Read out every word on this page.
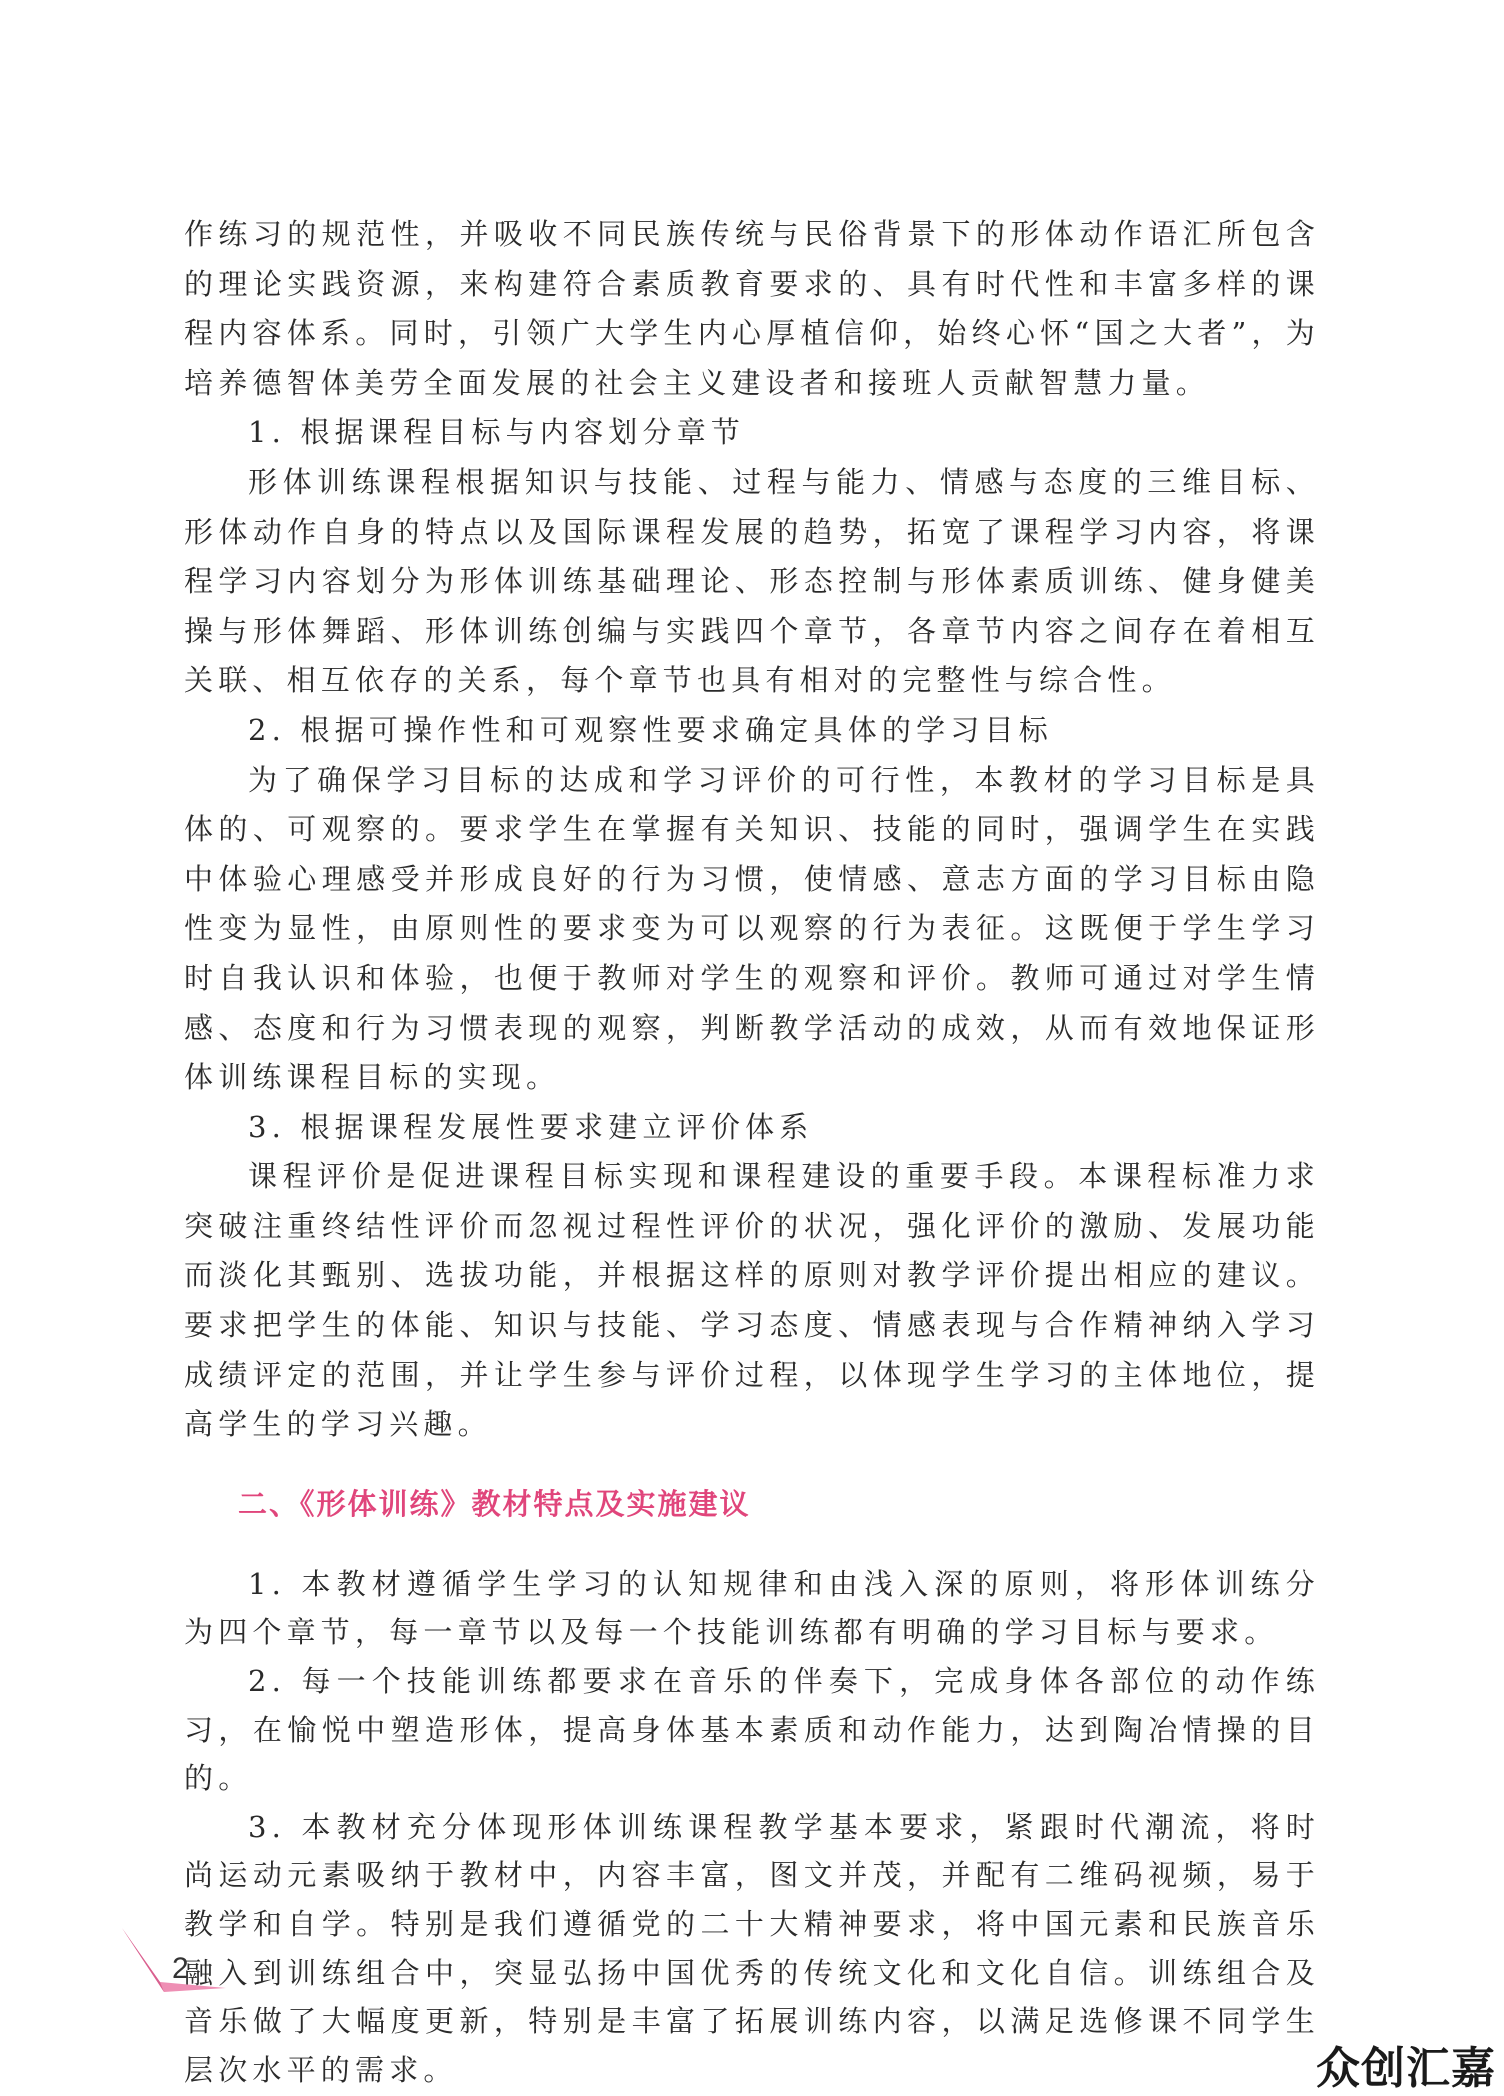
作练习的规范性，并吸收不同民族传统与民俗背景下的形体动作语汇所包含的理论实践资源，来构建符合素质教育要求的、具有时代性和丰富多样的课程内容体系。同时，引领广大学生内心厚植信仰，始终心怀“国之大者”，为培养德智体美劳全面发展的社会主义建设者和接班人贡献智慧力量。

1. 根据课程目标与内容划分章节

形体训练课程根据知识与技能、过程与能力、情感与态度的三维目标、形体动作自身的特点以及国际课程发展的趋势，拓宽了课程学习内容，将课程学习内容划分为形体训练基础理论、形态控制与形体素质训练、健身健美操与形体舞蹈、形体训练创编与实践四个章节，各章节内容之间存在着相互关联、相互依存的关系，每个章节也具有相对的完整性与综合性。

2. 根据可操作性和可观察性要求确定具体的学习目标

为了确保学习目标的达成和学习评价的可行性，本教材的学习目标是具体的、可观察的。要求学生在掌握有关知识、技能的同时，强调学生在实践中体验心理感受并形成良好的行为习惯，使情感、意志方面的学习目标由隐性变为显性，由原则性的要求变为可以观察的行为表征。这既便于学生学习时自我认识和体验，也便于教师对学生的观察和评价。教师可通过对学生情感、态度和行为习惯表现的观察，判断教学活动的成效，从而有效地保证形体训练课程目标的实现。

3. 根据课程发展性要求建立评价体系

课程评价是促进课程目标实现和课程建设的重要手段。本课程标准力求突破注重终结性评价而忽视过程性评价的状况，强化评价的激励、发展功能而淡化其甄别、选拔功能，并根据这样的原则对教学评价提出相应的建议。要求把学生的体能、知识与技能、学习态度、情感表现与合作精神纳入学习成绩评定的范围，并让学生参与评价过程，以体现学生学习的主体地位，提高学生的学习兴趣。

二、《形体训练》教材特点及实施建议

1. 本教材遵循学生学习的认知规律和由浅入深的原则，将形体训练分为四个章节，每一章节以及每一个技能训练都有明确的学习目标与要求。

2. 每一个技能训练都要求在音乐的伴奏下，完成身体各部位的动作练习，在愉悦中塑造形体，提高身体基本素质和动作能力，达到陶冶情操的目的。

3. 本教材充分体现形体训练课程教学基本要求，紧跟时代潮流，将时尚运动元素吸纳于教材中，内容丰富，图文并茂，并配有二维码视频，易于教学和自学。特别是我们遵循党的二十大精神要求，将中国元素和民族音乐融入到训练组合中，突显弘扬中国优秀的传统文化和文化自信。训练组合及音乐做了大幅度更新，特别是丰富了拓展训练内容，以满足选修课不同学生层次水平的需求。

2
众创汇嘉
